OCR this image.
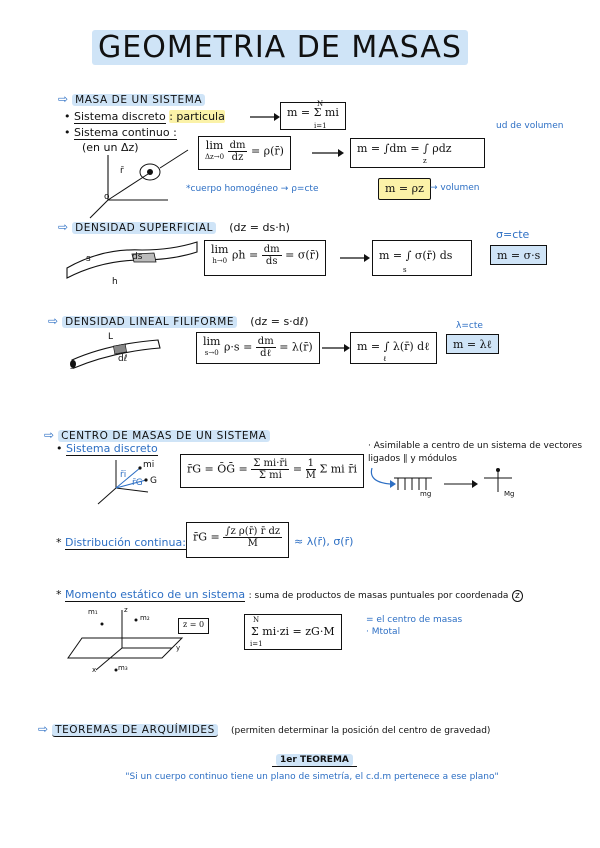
GEOMETRIA DE MASAS
⇨ MASA DE UN SISTEMA
• Sistema discreto : particula	m = Σ mi
N
i=1
• Sistema continuo :
(en un Δz)
o
r̄
lim
$\Delta z\to 0 \frac{dm}{dz}$ = ρ(r̄)	m = ∫dm = ∫ ρdz
z
ud de volumen
*cuerpo homogéneo → ρ=cte	m = ρz → volumen
⇨ DENSIDAD SUPERFICIAL (dz = ds·h)
s	ds
h
lim
h→0 $\rho h = \frac{dm}{ds}$ = σ(r̄)	m = ∫ σ(r̄) ds
s
σ=cte
m = σ·s
⇨ DENSIDAD LINEAL FILIFORME (dz = s·dℓ)
L
s
dℓ
lim
s→0 $\rho\cdot s = \frac{dm}{\text{dℓ}}$ = λ(r̄)	m = ∫ λ(r̄) dℓ
ℓ
λ=cte
m = λℓ
⇨ CENTRO DE MASAS DE UN SISTEMA
• Sistema discreto
mi
r̄i
r̄G G
r̄G = ŌḠ = $\frac{\text{Σ mi·r̄i}}{\text{Σ mi}} = \frac{1}{M}$ Σ mi r̄i
· Asimilable a centro de un sistema de vectores ligados ∥ y módulos
mg	Mg
* Distribución continua: r̄G = $\frac{\text{∫z ρ(r̄) r̄ dz}}{M}$ ≈ λ(r̄), σ(r̄)
* Momento estático de un sistema : suma de productos de masas puntuales por coordenada z
m₁
m₂
m₃
z
x
y
z = 0
Σ mi·zi = zG·M
N
i=1
= el centro de masas · Mtotal
⇨ TEOREMAS DE ARQUÍMIDES (permiten determinar la posición del centro de gravedad)
1er TEOREMA
"Si un cuerpo continuo tiene un plano de simetría, el c.d.m pertenece a ese plano"
